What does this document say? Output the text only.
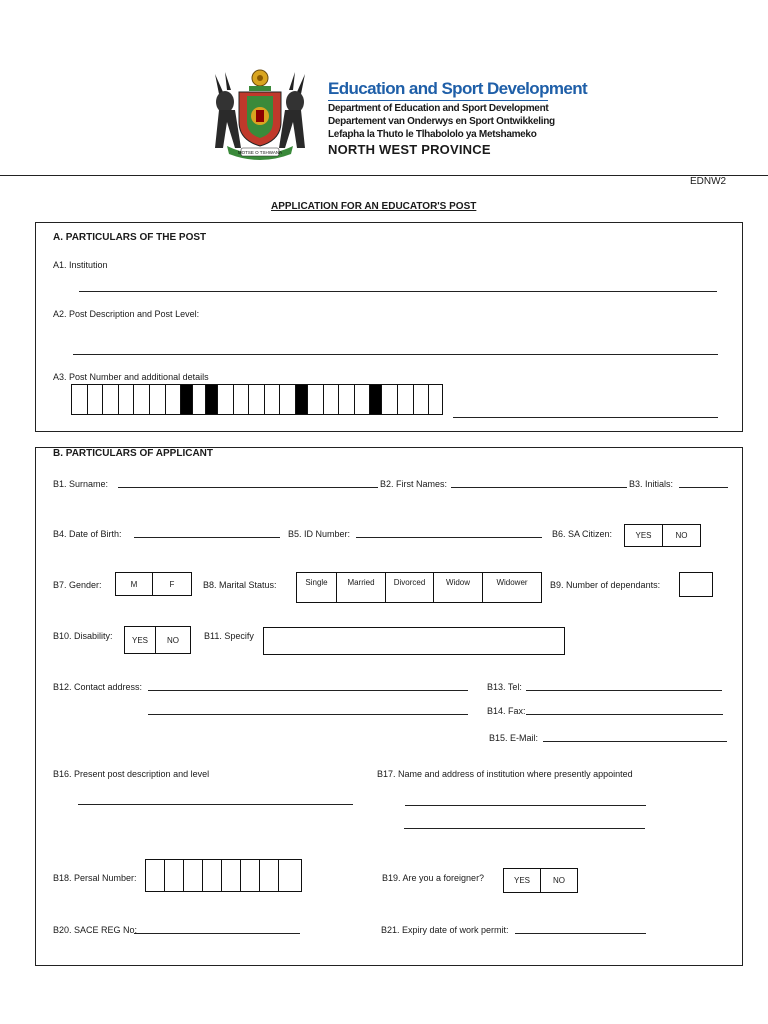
MOTSE O TSHWANA
Education and Sport Development
Department of Education and Sport Development
Departement van Onderwys en Sport Ontwikkeling
Lefapha la Thuto le Tlhabololo ya Metshameko
NORTH WEST PROVINCE
EDNW2
APPLICATION FOR AN EDUCATOR'S POST
A. PARTICULARS OF THE POST
A1. Institution
A2. Post Description and Post Level:
A3. Post Number and additional details
B. PARTICULARS OF APPLICANT
B1. Surname:	B2. First Names:	B3. Initials:
B4. Date of Birth:	B5. ID Number:	B6. SA Citizen:	YES	NO
B7. Gender:	M	F	B8. Marital Status:	Single Married Divorced	Widow	Widower B9. Number of dependants:
B10. Disability: YES NO	B11. Specify
B12. Contact address:	B13. Tel:
B14. Fax:
B15. E-Mail:
B16. Present post description and level	B17. Name and address of institution where presently appointed
B18. Persal Number:	B19. Are you a foreigner?	YES	NO
B20. SACE REG No:	B21. Expiry date of work permit:
